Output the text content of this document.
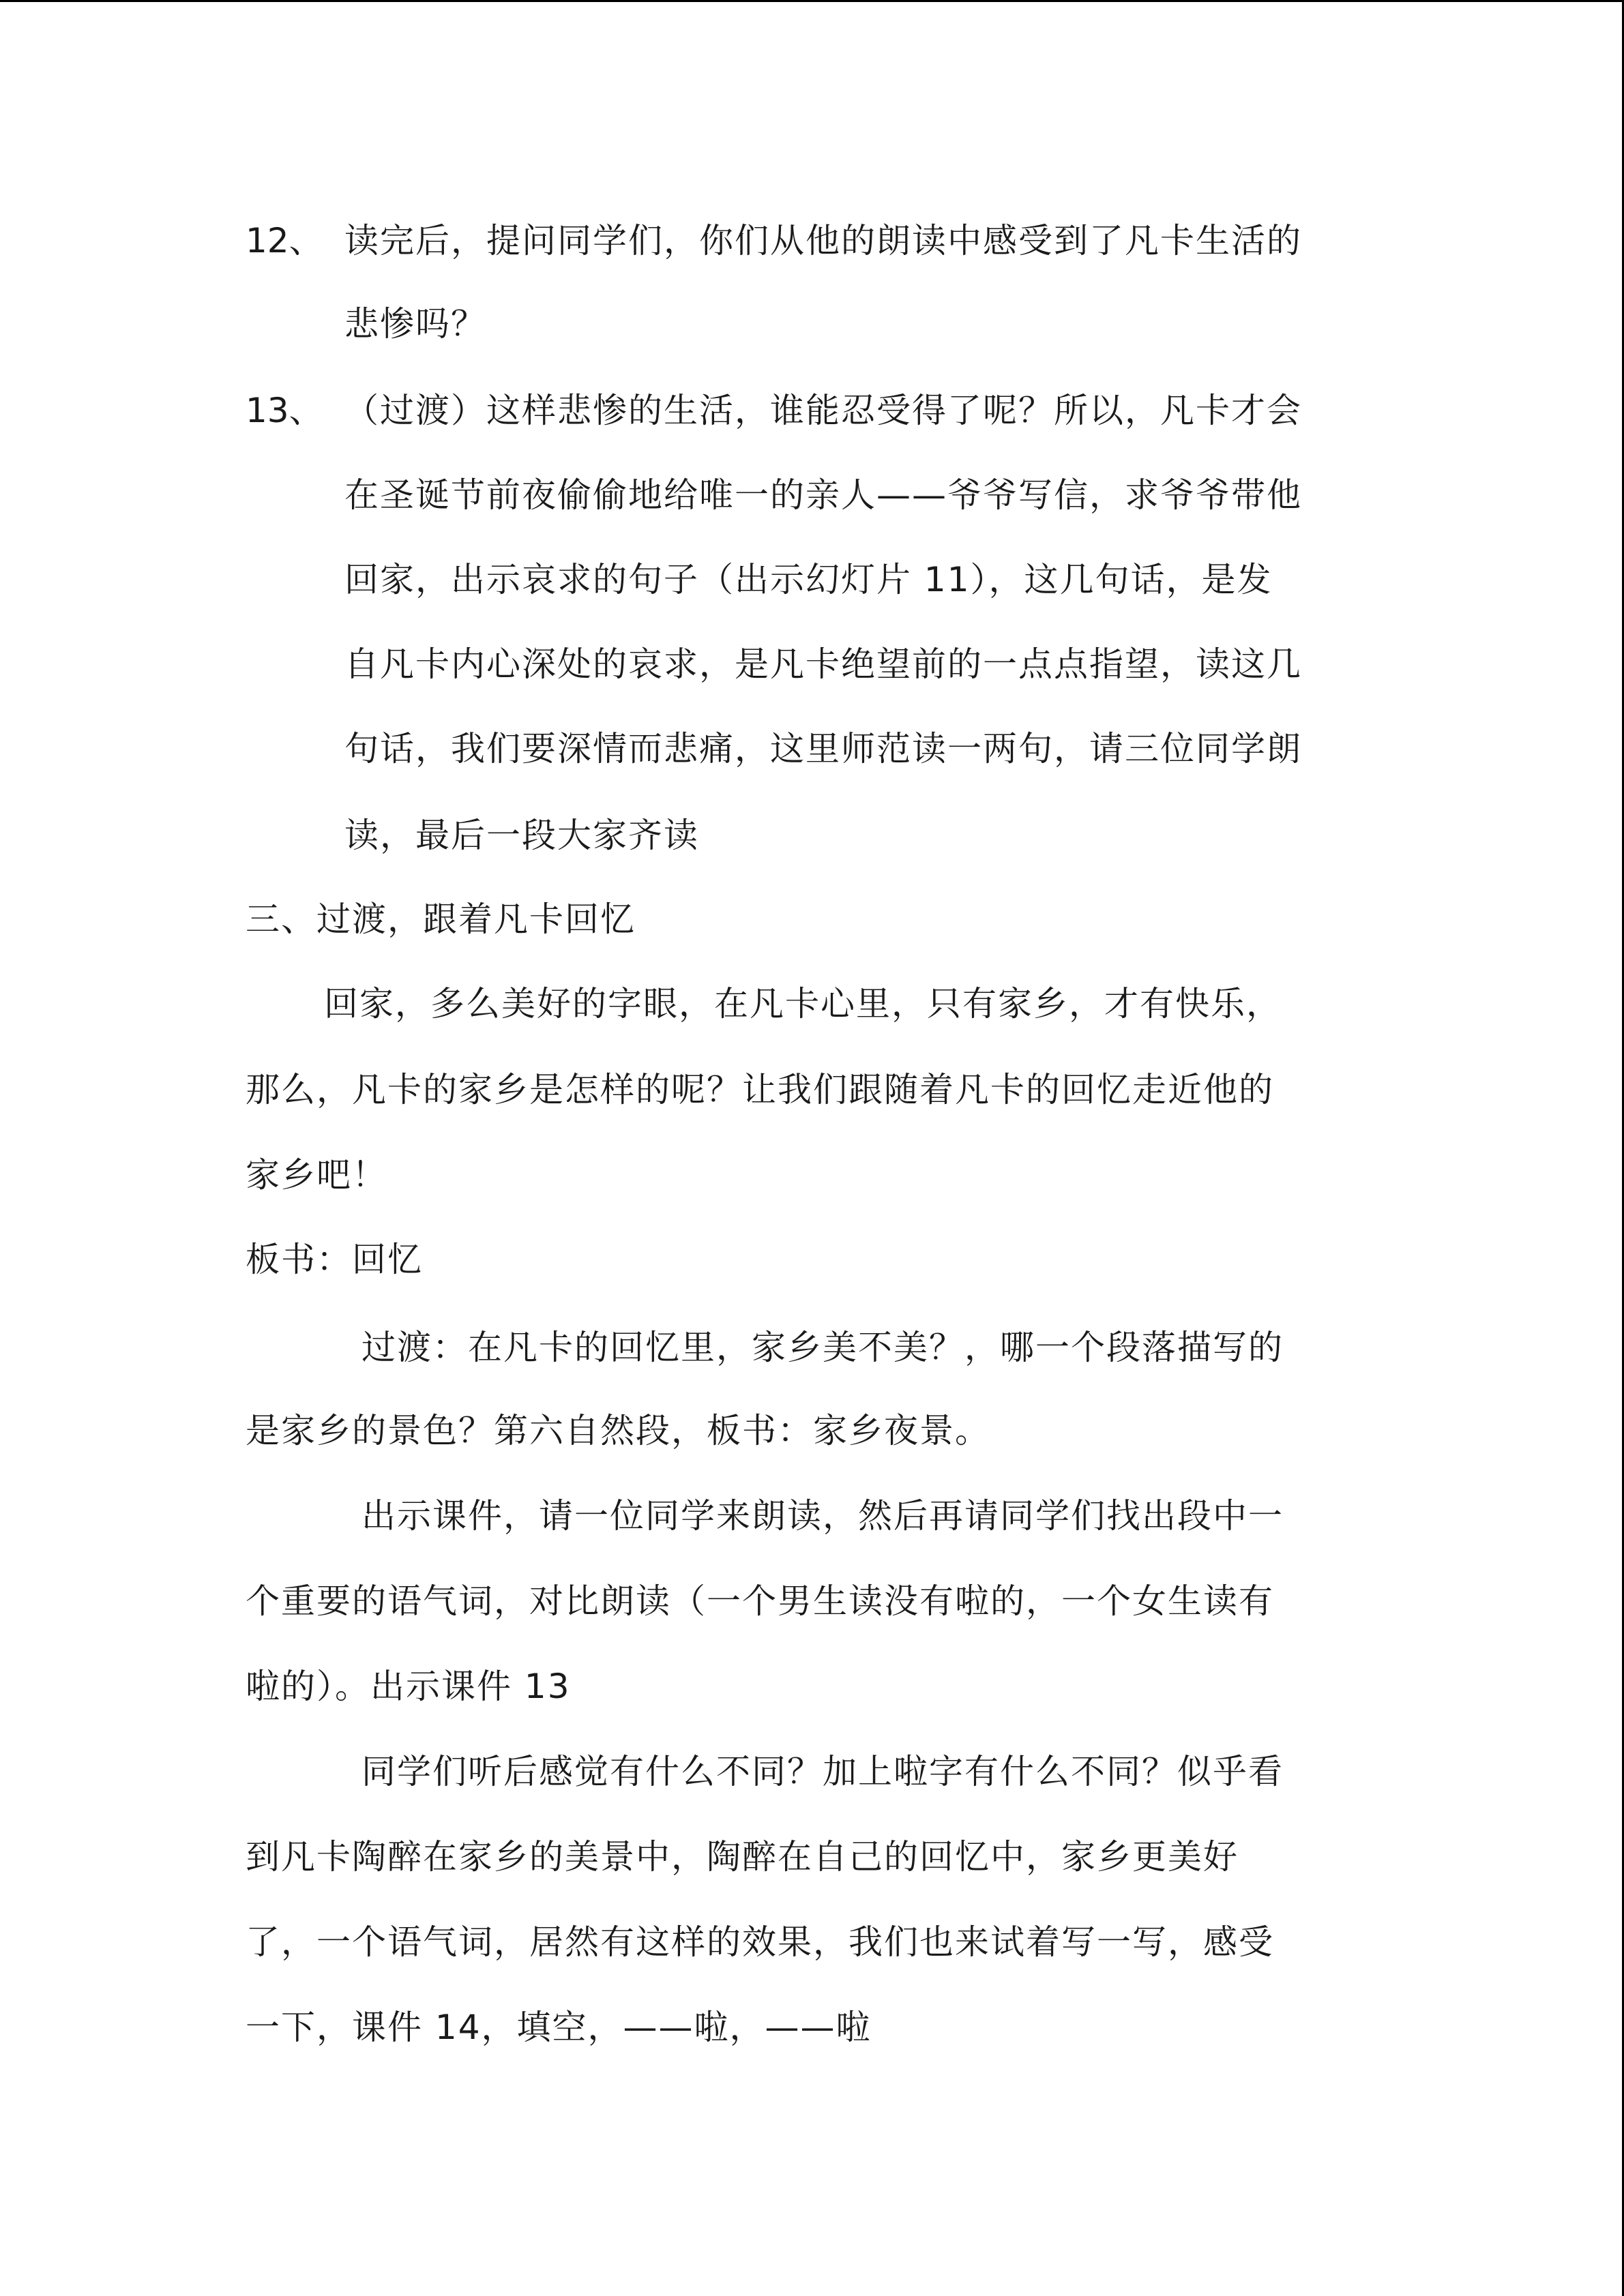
12、 读完后，提问同学们，你们从他的朗读中感受到了凡卡生活的
悲惨吗？
13、 （过渡）这样悲惨的生活，谁能忍受得了呢？所以，凡卡才会
在圣诞节前夜偷偷地给唯一的亲人——爷爷写信，求爷爷带他
回家，出示哀求的句子（出示幻灯片 11），这几句话，是发
自凡卡内心深处的哀求，是凡卡绝望前的一点点指望，读这几
句话，我们要深情而悲痛，这里师范读一两句，请三位同学朗
读，最后一段大家齐读
三、过渡，跟着凡卡回忆
回家，多么美好的字眼，在凡卡心里，只有家乡，才有快乐，
那么，凡卡的家乡是怎样的呢？让我们跟随着凡卡的回忆走近他的
家乡吧！
板书：回忆
过渡：在凡卡的回忆里，家乡美不美？，哪一个段落描写的
是家乡的景色？第六自然段，板书：家乡夜景。
出示课件，请一位同学来朗读，然后再请同学们找出段中一
个重要的语气词，对比朗读（一个男生读没有啦的，一个女生读有
啦的）。出示课件 13
同学们听后感觉有什么不同？加上啦字有什么不同？似乎看
到凡卡陶醉在家乡的美景中，陶醉在自己的回忆中，家乡更美好
了，一个语气词，居然有这样的效果，我们也来试着写一写，感受
一下，课件 14，填空，——啦，——啦
